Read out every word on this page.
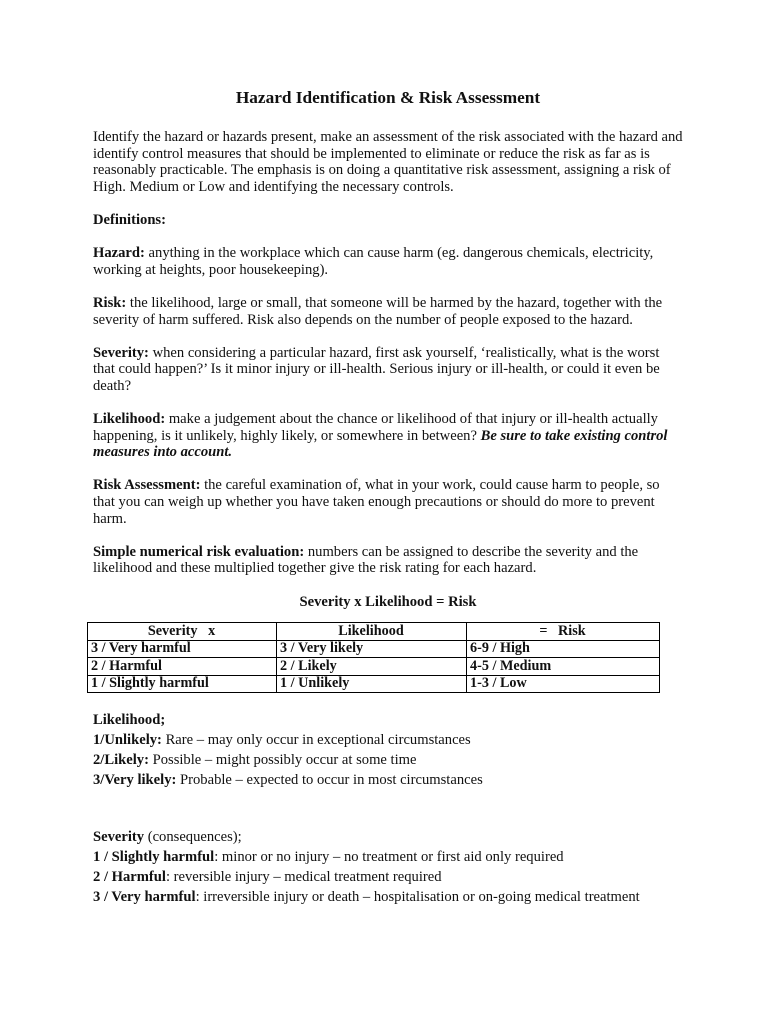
Hazard Identification & Risk Assessment

Identify the hazard or hazards present, make an assessment of the risk associated with the hazard and identify control measures that should be implemented to eliminate or reduce the risk as far as is reasonably practicable. The emphasis is on doing a quantitative risk assessment, assigning a risk of High. Medium or Low and identifying the necessary controls.

Definitions:

Hazard: anything in the workplace which can cause harm (eg. dangerous chemicals, electricity, working at heights, poor housekeeping).

Risk: the likelihood, large or small, that someone will be harmed by the hazard, together with the severity of harm suffered. Risk also depends on the number of people exposed to the hazard.

Severity: when considering a particular hazard, first ask yourself, ‘realistically, what is the worst that could happen?’ Is it minor injury or ill-health. Serious injury or ill-health, or could it even be death?

Likelihood: make a judgement about the chance or likelihood of that injury or ill-health actually happening, is it unlikely, highly likely, or somewhere in between? Be sure to take existing control measures into account.

Risk Assessment: the careful examination of, what in your work, could cause harm to people, so that you can weigh up whether you have taken enough precautions or should do more to prevent harm.

Simple numerical risk evaluation: numbers can be assigned to describe the severity and the likelihood and these multiplied together give the risk rating for each hazard.

Severity x Likelihood = Risk

Severity   x	Likelihood	=   Risk
3 / Very harmful	3 / Very likely	6-9 / High
2 / Harmful	2 / Likely	4-5 / Medium
1 / Slightly harmful	1 / Unlikely	1-3 / Low

Likelihood;

1/Unlikely: Rare – may only occur in exceptional circumstances

2/Likely: Possible – might possibly occur at some time

3/Very likely: Probable – expected to occur in most circumstances

Severity (consequences);

1 / Slightly harmful: minor or no injury – no treatment or first aid only required

2 / Harmful: reversible injury – medical treatment required

3 / Very harmful: irreversible injury or death – hospitalisation or on-going medical treatment
